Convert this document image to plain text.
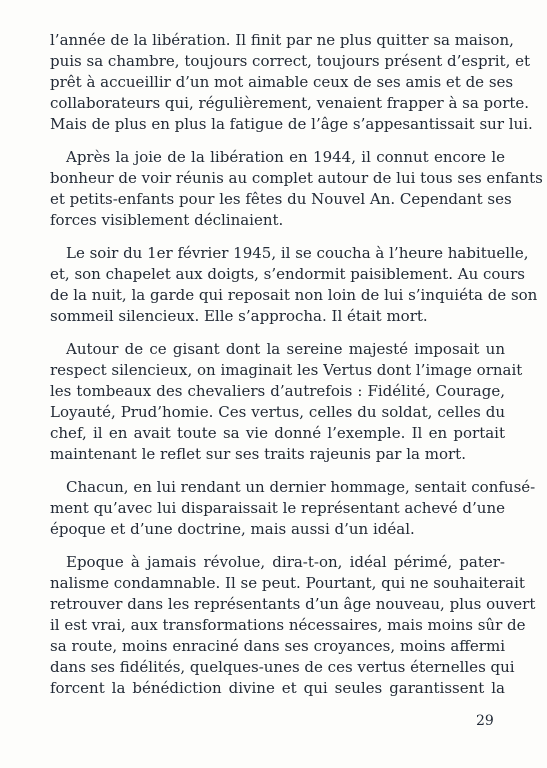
l’année de la libération. Il finit par ne plus quitter sa maison,
puis sa chambre, toujours correct, toujours présent d’esprit, et
prêt à accueillir d’un mot aimable ceux de ses amis et de ses
collaborateurs qui, régulièrement, venaient frapper à sa porte.
Mais de plus en plus la fatigue de l’âge s’appesantissait sur lui.

Après la joie de la libération en 1944, il connut encore le
bonheur de voir réunis au complet autour de lui tous ses enfants
et petits-enfants pour les fêtes du Nouvel An. Cependant ses
forces visiblement déclinaient.

Le soir du 1er février 1945, il se coucha à l’heure habituelle,
et, son chapelet aux doigts, s’endormit paisiblement. Au cours
de la nuit, la garde qui reposait non loin de lui s’inquiéta de son
sommeil silencieux. Elle s’approcha. Il était mort.

Autour de ce gisant dont la sereine majesté imposait un
respect silencieux, on imaginait les Vertus dont l’image ornait
les tombeaux des chevaliers d’autrefois : Fidélité, Courage,
Loyauté, Prud’homie. Ces vertus, celles du soldat, celles du
chef, il en avait toute sa vie donné l’exemple. Il en portait
maintenant le reflet sur ses traits rajeunis par la mort.

Chacun, en lui rendant un dernier hommage, sentait confusé-
ment qu’avec lui disparaissait le représentant achevé d’une
époque et d’une doctrine, mais aussi d’un idéal.

Epoque à jamais révolue, dira-t-on, idéal périmé, pater-
nalisme condamnable. Il se peut. Pourtant, qui ne souhaiterait
retrouver dans les représentants d’un âge nouveau, plus ouvert
il est vrai, aux transformations nécessaires, mais moins sûr de
sa route, moins enraciné dans ses croyances, moins affermi
dans ses fidélités, quelques-unes de ces vertus éternelles qui
forcent la bénédiction divine et qui seules garantissent la

29
